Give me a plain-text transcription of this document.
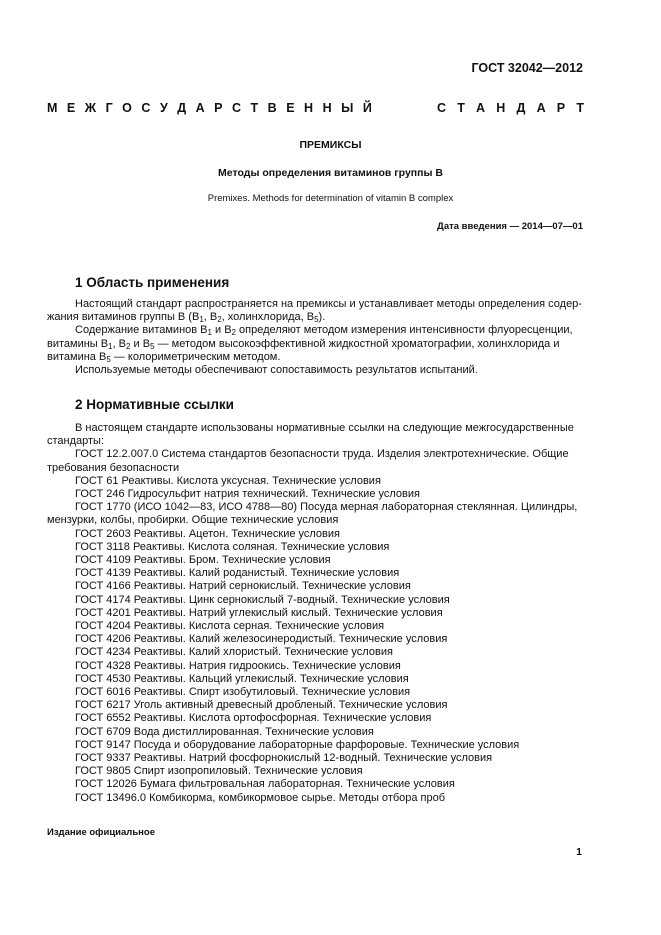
ГОСТ 32042—2012
М Е Ж Г О С У Д А Р С Т В Е Н Н Ы Й	С Т А Н Д А Р Т
ПРЕМИКСЫ
Методы определения витаминов группы В
Premixes. Methods for determination of vitamin B complex
Дата введения — 2014—07—01
1 Область применения
Настоящий стандарт распространяется на премиксы и устанавливает методы определения содер-
жания витаминов группы В ($В_1$, $В_2$, холинхлорида, $В_5$).
Содержание витаминов $В_1$ и $В_2$ определяют методом измерения интенсивности флуоресценции,
витамины $В_1$, $В_2$ и $В_5$ — методом высокоэффективной жидкостной хроматографии, холинхлорида и
витамина $В_5$ — колориметрическим методом.
Используемые методы обеспечивают сопоставимость результатов испытаний.
2 Нормативные ссылки
В настоящем стандарте использованы нормативные ссылки на следующие межгосударственные
стандарты:
ГОСТ 12.2.007.0 Система стандартов безопасности труда. Изделия электротехнические. Общие
требования безопасности
ГОСТ 61 Реактивы. Кислота уксусная. Технические условия
ГОСТ 246 Гидросульфит натрия технический. Технические условия
ГОСТ 1770 (ИСО 1042—83, ИСО 4788—80) Посуда мерная лабораторная стеклянная. Цилиндры,
мензурки, колбы, пробирки. Общие технические условия
ГОСТ 2603 Реактивы. Ацетон. Технические условия
ГОСТ 3118 Реактивы. Кислота соляная. Технические условия
ГОСТ 4109 Реактивы. Бром. Технические условия
ГОСТ 4139 Реактивы. Калий роданистый. Технические условия
ГОСТ 4166 Реактивы. Натрий сернокислый. Технические условия
ГОСТ 4174 Реактивы. Цинк сернокислый 7-водный. Технические условия
ГОСТ 4201 Реактивы. Натрий углекислый кислый. Технические условия
ГОСТ 4204 Реактивы. Кислота серная. Технические условия
ГОСТ 4206 Реактивы. Калий железосинеродистый. Технические условия
ГОСТ 4234 Реактивы. Калий хлористый. Технические условия
ГОСТ 4328 Реактивы. Натрия гидроокись. Технические условия
ГОСТ 4530 Реактивы. Кальций углекислый. Технические условия
ГОСТ 6016 Реактивы. Спирт изобутиловый. Технические условия
ГОСТ 6217 Уголь активный древесный дробленый. Технические условия
ГОСТ 6552 Реактивы. Кислота ортофосфорная. Технические условия
ГОСТ 6709 Вода дистиллированная. Технические условия
ГОСТ 9147 Посуда и оборудование лабораторные фарфоровые. Технические условия
ГОСТ 9337 Реактивы. Натрий фосфорнокислый 12-водный. Технические условия
ГОСТ 9805 Спирт изопропиловый. Технические условия
ГОСТ 12026 Бумага фильтровальная лабораторная. Технические условия
ГОСТ 13496.0 Комбикорма, комбикормовое сырье. Методы отбора проб
Издание официальное
1
